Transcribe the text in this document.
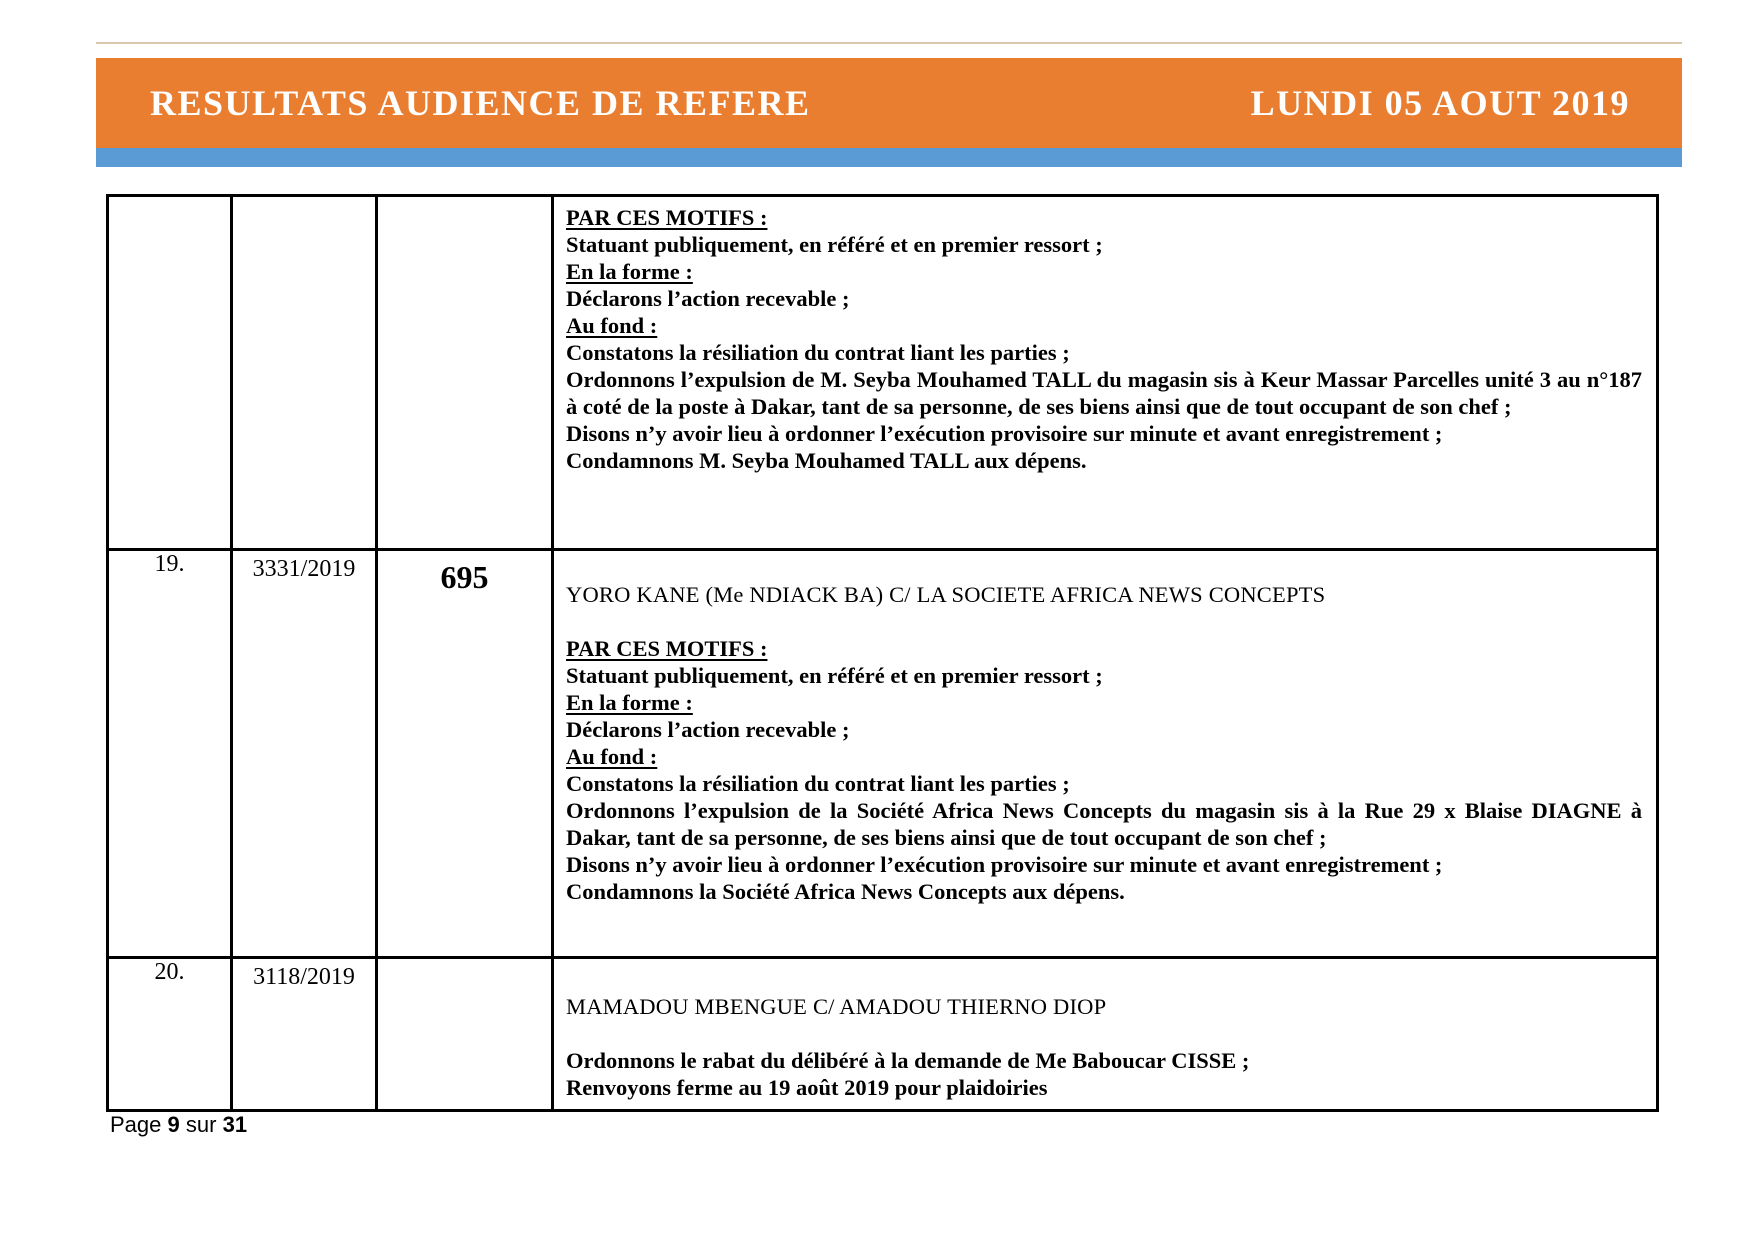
RESULTATS AUDIENCE DE REFERE	LUNDI 05 AOUT 2019

PAR CES MOTIFS :

Statuant publiquement, en référé et en premier ressort ;

En la forme :

Déclarons l’action recevable ;

Au fond :

Constatons la résiliation du contrat liant les parties ;

Ordonnons l’expulsion de M. Seyba Mouhamed TALL du magasin sis à Keur Massar Parcelles unité 3 au n°187 à coté de la poste à Dakar, tant de sa personne, de ses biens ainsi que de tout occupant de son chef ;

Disons n’y avoir lieu à ordonner l’exécution provisoire sur minute et avant enregistrement ;

Condamnons M. Seyba Mouhamed TALL aux dépens.

19.	3331/2019	695	YORO KANE (Me NDIACK BA) C/ LA SOCIETE AFRICA NEWS CONCEPTS

PAR CES MOTIFS :

Statuant publiquement, en référé et en premier ressort ;

En la forme :

Déclarons l’action recevable ;

Au fond :

Constatons la résiliation du contrat liant les parties ;

Ordonnons l’expulsion de la Société Africa News Concepts du magasin sis à la Rue 29 x Blaise DIAGNE à Dakar, tant de sa personne, de ses biens ainsi que de tout occupant de son chef ;

Disons n’y avoir lieu à ordonner l’exécution provisoire sur minute et avant enregistrement ;

Condamnons la Société Africa News Concepts aux dépens.

20.	3118/2019		MAMADOU MBENGUE C/ AMADOU THIERNO DIOP

Ordonnons le rabat du délibéré à la demande de Me Baboucar CISSE ;

Renvoyons ferme au 19 août 2019 pour plaidoiries

Page 9 sur 31
